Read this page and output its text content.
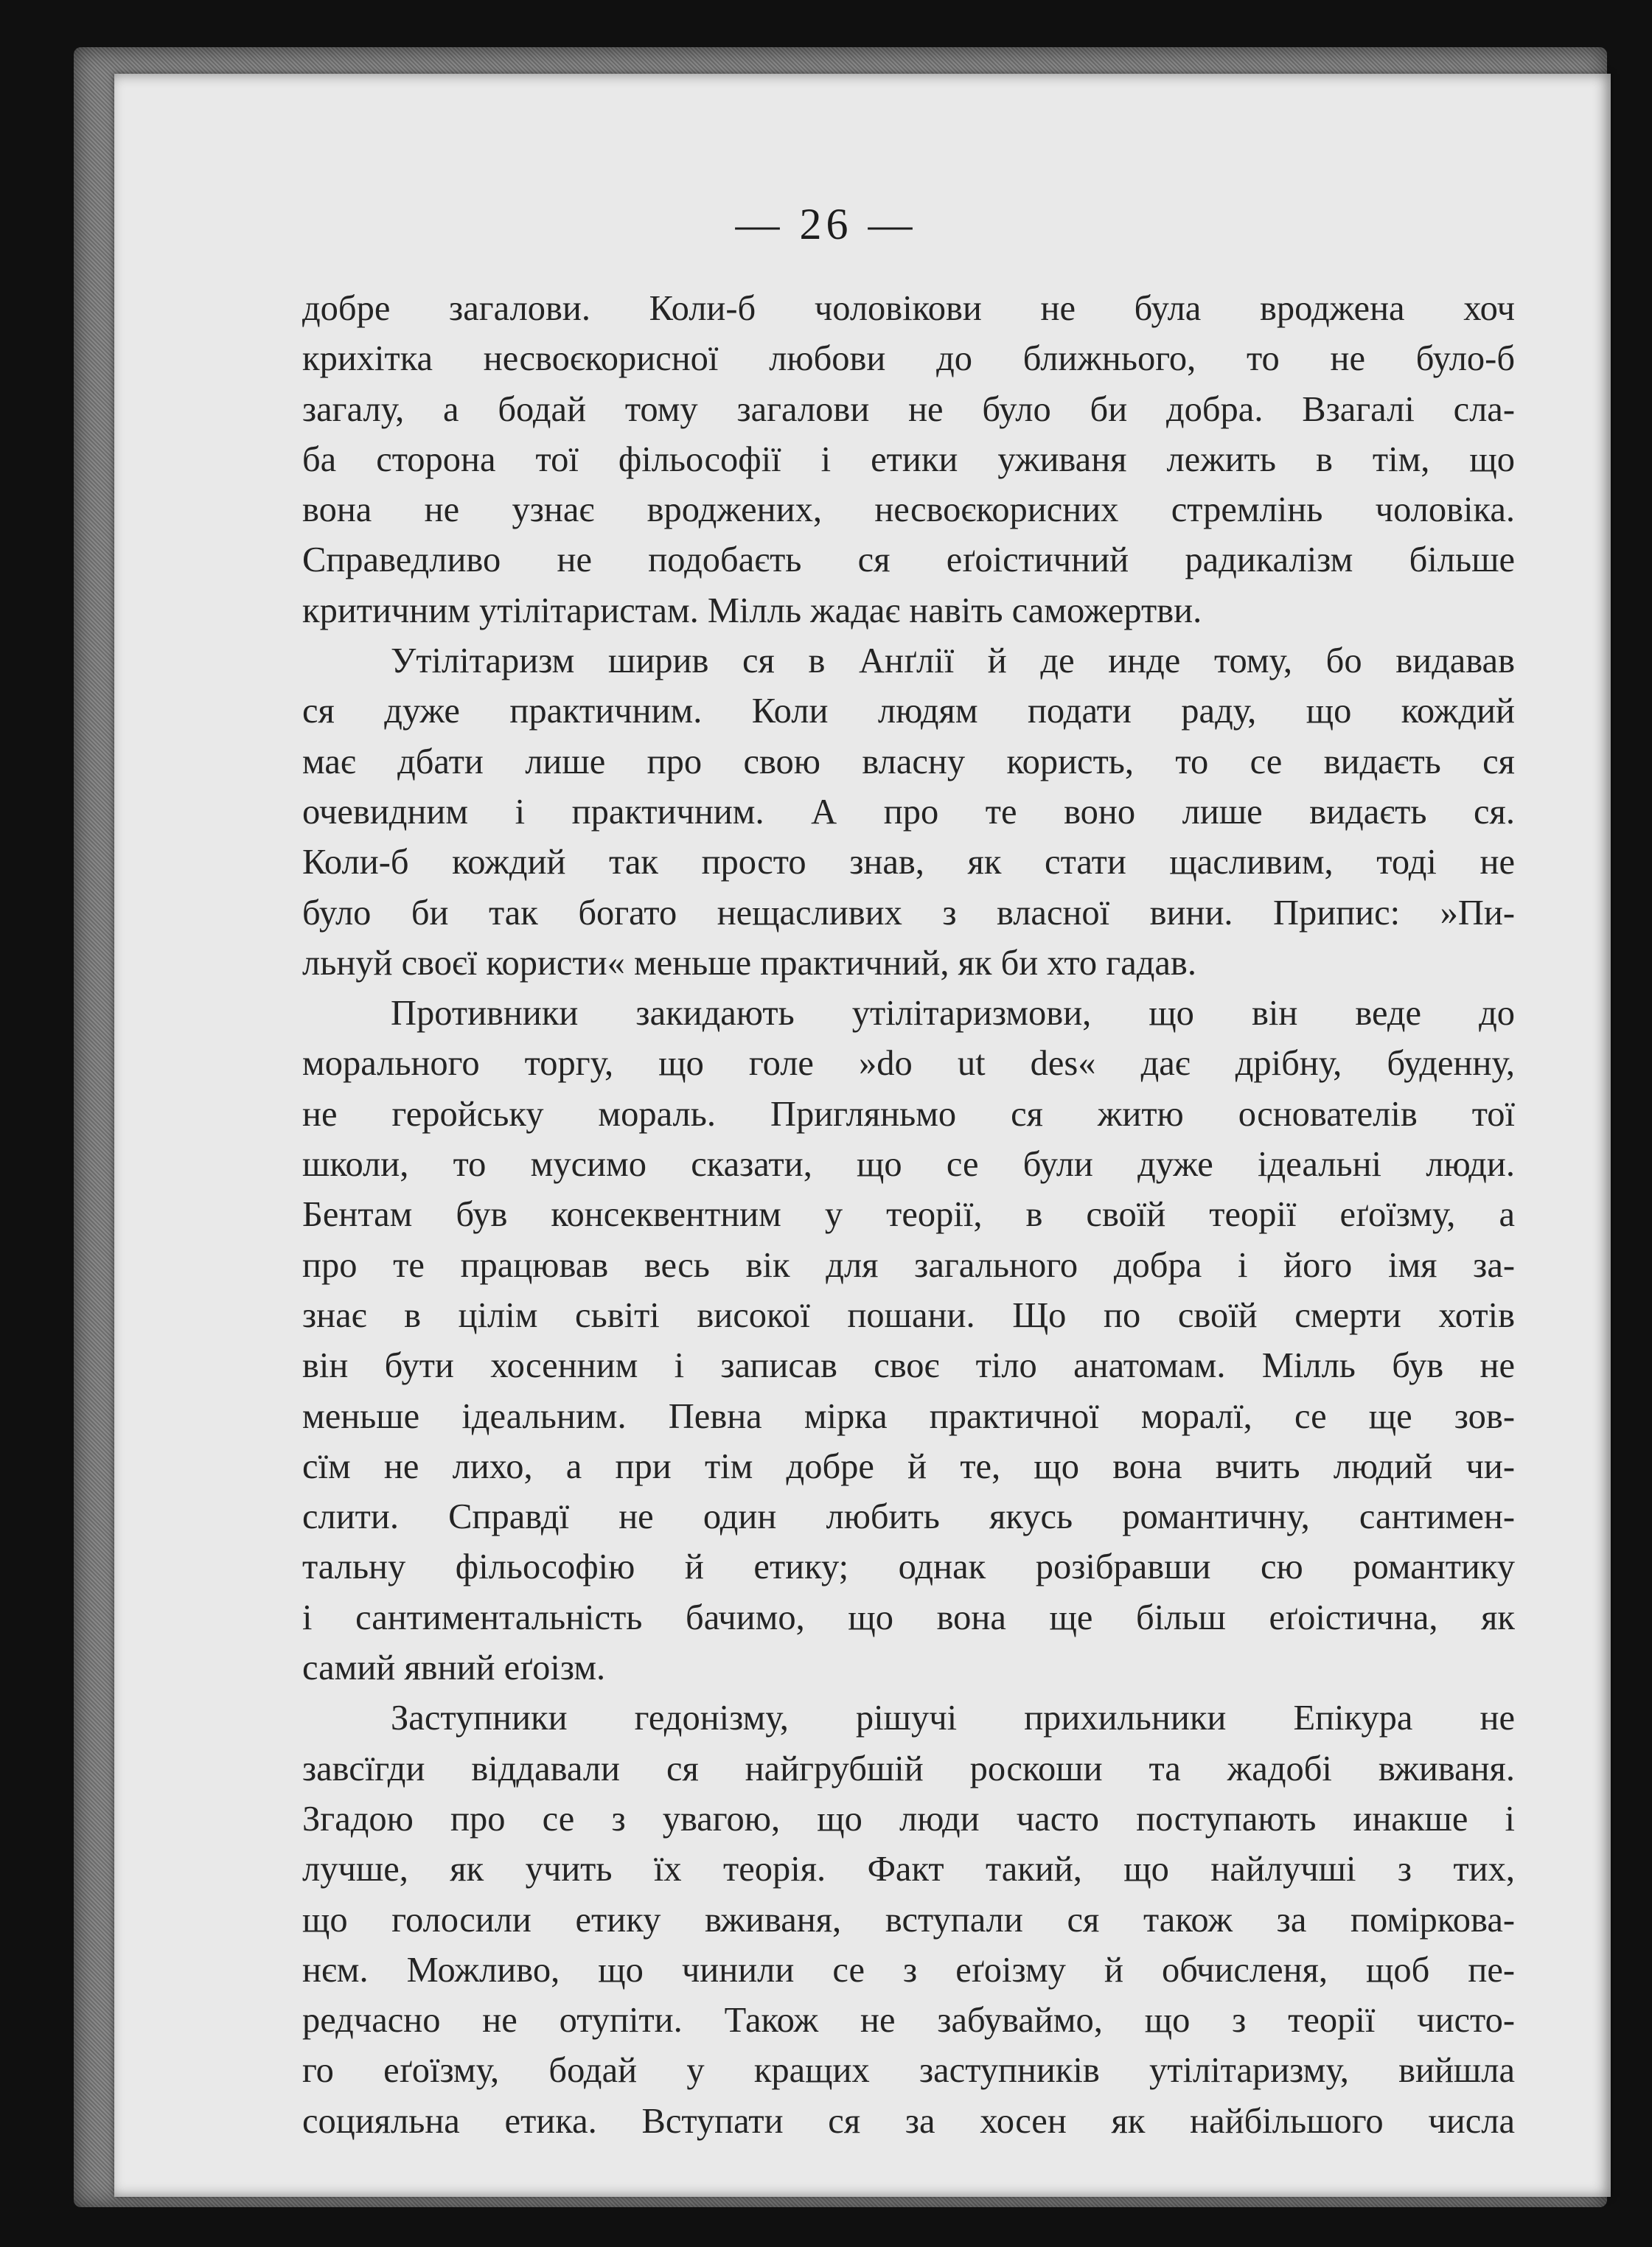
— 26 —
добре загалови. Коли-б чоловікови не була вроджена хоч
крихітка несвоєкорисної любови до ближнього, то не було-б
загалу, а бодай тому загалови не було би добра. Взагалі сла-
ба сторона тої фільософії і етики уживаня лежить в тім, що
вона не узнає вроджених, несвоєкорисних стремлінь чоловіка.
Справедливо не подобаєть ся еґоістичний радикалізм більше
критичним утілітаристам. Мілль жадає навіть саможертви.
Утілітаризм ширив ся в Анґлії й де инде тому, бо видавав
ся дуже практичним. Коли людям подати раду, що кождий
має дбати лише про свою власну користь, то се видаєть ся
очевидним і практичним. А про те воно лише видаєть ся.
Коли-б кождий так просто знав, як стати щасливим, тоді не
було би так богато нещасливих з власної вини. Припис: »Пи-
льнуй своєї користи« меньше практичний, як би хто гадав.
Противники закидають утілітаризмови, що він веде до
морального торгу, що голе »do ut des« дає дрібну, буденну,
не геройську мораль. Пригляньмо ся житю основателів тої
школи, то мусимо сказати, що се були дуже ідеальні люди.
Бентам був консеквентним у теорії, в своїй теорії еґоїзму, а
про те працював весь вік для загального добра і його імя за-
знає в цілім сьвіті високої пошани. Що по своїй смерти хотів
він бути хосенним і записав своє тіло анатомам. Мілль був не
меньше ідеальним. Певна мірка практичної моралї, се ще зов-
сїм не лихо, а при тім добре й те, що вона вчить людий чи-
слити. Справдї не один любить якусь романтичну, сантимен-
тальну фільософію й етику; однак розібравши сю романтику
і сантиментальність бачимо, що вона ще більш еґоістична, як
самий явний еґоізм.
Заступники гедонізму, рішучі прихильники Епікура не
завсїгди віддавали ся найгрубшій роскоши та жадобі вживаня.
Згадою про се з увагою, що люди часто поступають инакше і
лучше, як учить їх теорія. Факт такий, що найлучші з тих,
що голосили етику вживаня, вступали ся також за поміркова-
нєм. Можливо, що чинили се з еґоізму й обчисленя, щоб пе-
редчасно не отупіти. Також не забуваймо, що з теорії чисто-
го еґоїзму, бодай у кращих заступників утілітаризму, вийшла
социяльна етика. Вступати ся за хосен як найбільшого числа
